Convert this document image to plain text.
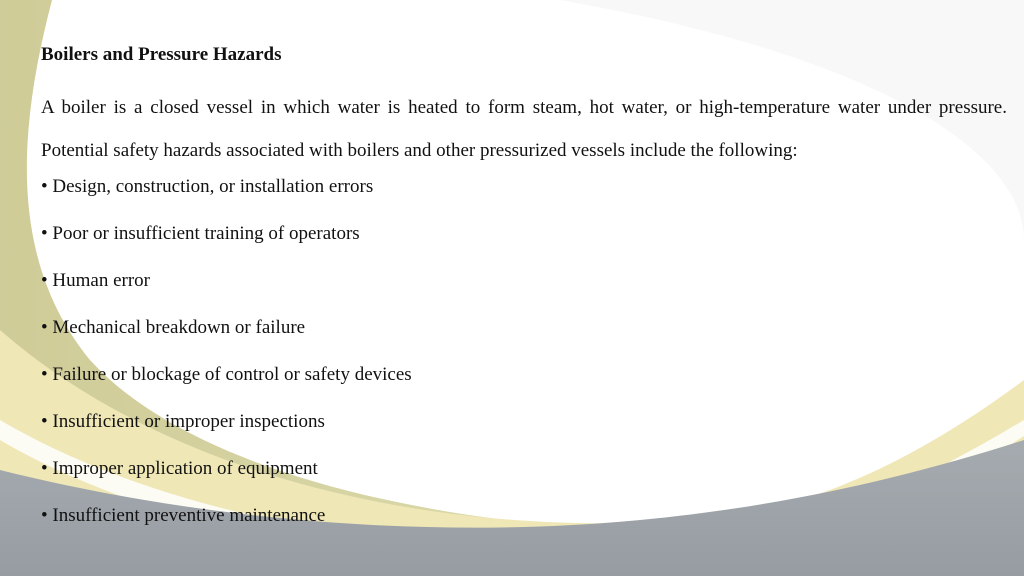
Boilers and Pressure Hazards

A boiler is a closed vessel in which water is heated to form steam, hot water, or high-temperature water under pressure. Potential safety hazards associated with boilers and other pressurized vessels include the following:

• Design, construction, or installation errors
• Poor or insufficient training of operators
• Human error
• Mechanical breakdown or failure
• Failure or blockage of control or safety devices
• Insufficient or improper inspections
• Improper application of equipment
• Insufficient preventive maintenance
